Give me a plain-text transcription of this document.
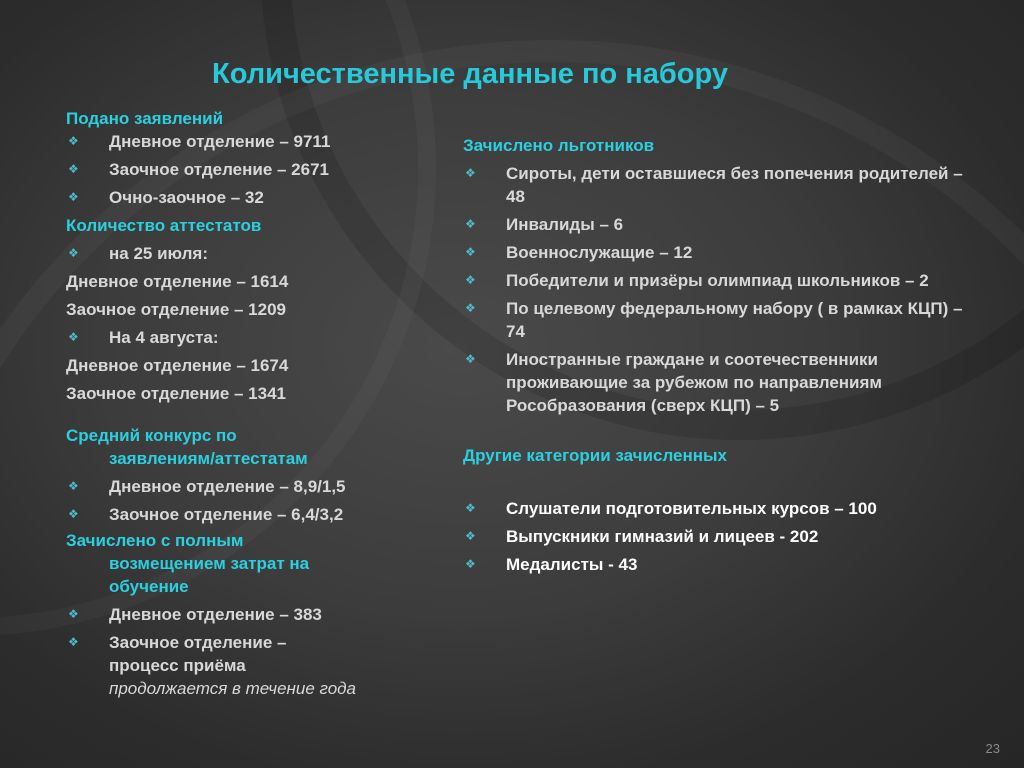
Количественные данные по набору
Подано заявлений
❖ Дневное отделение – 9711
❖ Заочное отделение – 2671
❖ Очно-заочное – 32
Количество аттестатов
❖ на 25 июля:
Дневное отделение – 1614
Заочное отделение – 1209
❖ На 4 августа:
Дневное отделение – 1674
Заочное отделение – 1341
Средний конкурс по
заявлениям/аттестатам
❖ Дневное отделение – 8,9/1,5
❖ Заочное отделение – 6,4/3,2
Зачислено с полным
возмещением затрат на
обучение
❖ Дневное отделение – 383
❖ Заочное отделение –
процесс приёма
продолжается в течение года
Зачислено льготников
❖ Сироты, дети оставшиеся без попечения родителей – 48
❖ Инвалиды – 6
❖ Военнослужащие – 12
❖ Победители и призёры олимпиад школьников – 2
❖ По целевому федеральному набору ( в рамках КЦП) – 74
❖ Иностранные граждане и соотечественники проживающие за рубежом по направлениям Рособразования (сверх КЦП) – 5
Другие категории зачисленных
❖ Слушатели подготовительных курсов – 100
❖ Выпускники гимназий и лицеев - 202
❖ Медалисты - 43
23
